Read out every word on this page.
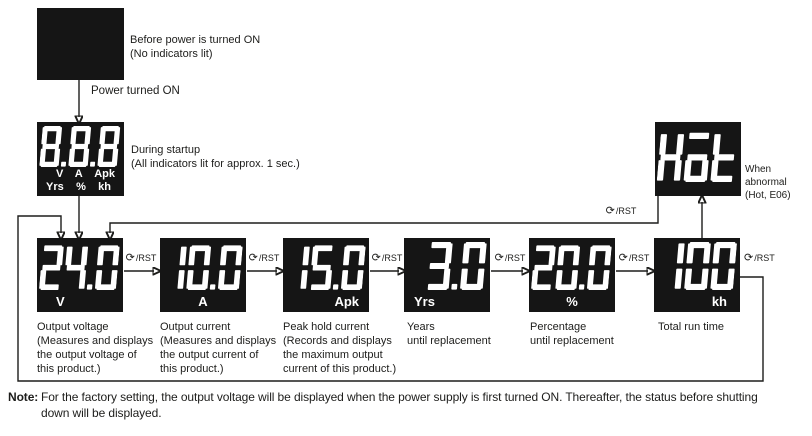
Before power is turned ON
(No indicators lit)
Power turned ON
V A Apk
Yrs % kh
During startup
(All indicators lit for approx. 1 sec.)	When
abnormal
(Hot, E06)
V	A	Apk	Yrs	%	kh
⟳ /RST	⟳ /RST	⟳ /RST	⟳ /RST	⟳ /RST	⟳ /RST
⟳ /RST
Output voltage
(Measures and displays
the output voltage of
this product.)
Output current
(Measures and displays
the output current of
this product.)
Peak hold current
(Records and displays
the maximum output
current of this product.)
Years
until replacement
Percentage
until replacement
Total run time
Note: For the factory setting, the output voltage will be displayed when the power supply is first turned ON. Thereafter, the status before shutting
down will be displayed.
